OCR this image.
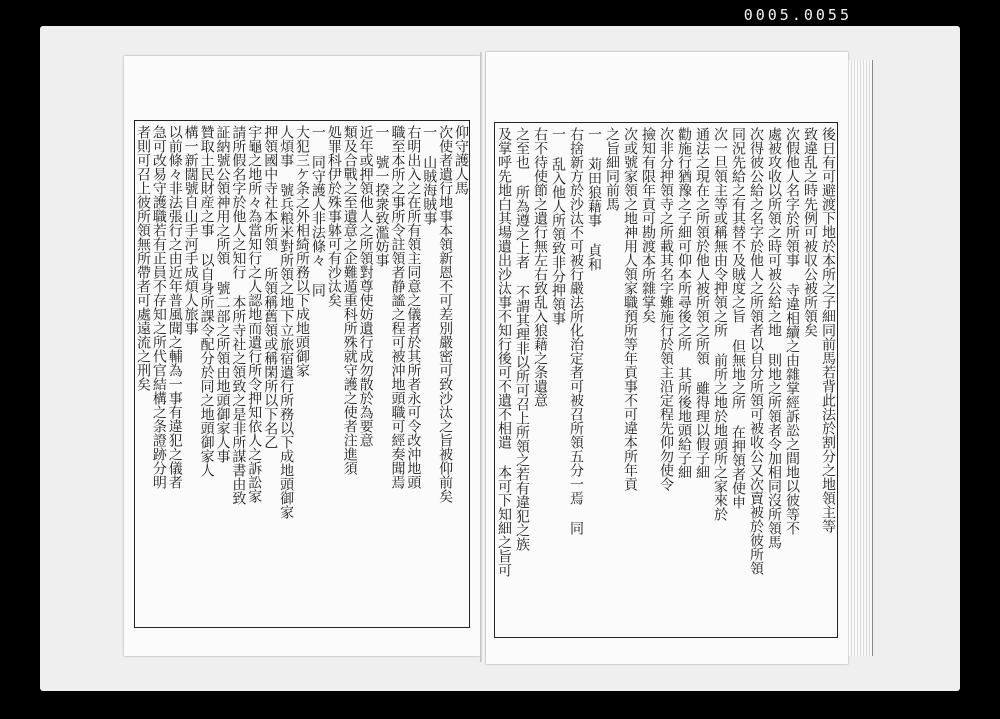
0005.0055
仰守護人馬
次使者遺行地事本領新恩不可差別嚴密可致沙汰之旨被仰前矣
一 山賊海賊事
右明出入之在所有領主同意之儀者於其所者永可令改沖地頭
職至本所之事所令註領者静謐之程可被沖地頭職可經奏聞焉
一 號一揆衆致濫妨事
近年或押領他人之所領對尊使妨遺行成勿散於為要意
類及合戰之至遺意之企難遁重科所殊就守護之使者注進須
処罪科伊於殊事躰可有沙汰矣
一 同守護人非法條々 同
大犯三ケ条之外相綺所務以下成地頭御家
人煩事 號兵粮米對所領之地下立旅宿遺行所務以下成地頭御家
押領國中寺社本所領 所領稱舊領或稱閑所以下名乙
宇龜之地所々為當知行之人認地而遺行所令押知依人之訴訟家
請所假名字於他人之知行 本所寺社之領致之是非所謀書由致
証納號公領神用之所領 號二部之所領由地頭御家人事
贊取土民財産之事 以自身所課令配分於同之地頭御家人
構一新闊號自山手河手成煩人旅事
以前條々非法張行之由近年普風聞之輔為一事有違犯之儀者
急可改易守護職若有正員不存知之所代官結構之条證跡分明
者則可召上彼所領無所帶者可處遠流之刑矣	後日有可避渡下地於本所之子細同前馬若背此法於割分之地領主等
致違乱之時先例可被収公被所領矣
次假他人名字於所領事 寺違相續之由雜掌經訴訟之間地以彼等不
處被攻收以所領之時可被公給之地 則地之所領者令加相同沒所領馬
次得彼公給之名字於他人之所領者以自分所領可被收公又次賣被於彼所領
同況先給之有其替不及賊度之旨 但無地之所 在押領者使申
次一旦領主等或稱無由令押領之所 前所之地於地頭所之家來於
通法之現在之所領於他人被所領之所領 雖得理以假子細
勸施行猶豫之子細可仰本所尋後之所 其所後地頭給子細
次非分押領寺之所載其名字難施行於領主沿定程先仰勿使令
撿知有限年貢可勘渡本所雜掌矣
次或號家領之地神用人領家職預所等年貢事不可違本所年貢
之旨細同前馬
一 苅田狼藉事 貞和
右捨新方於沙汰不可被行嚴法所化治定者可被召所領五分一焉 同
一 乱入他人所領致非分押領事
右不待使節之遺行無左右致乱入狼藉之条遺意
之至也 所為遵之上者 不謂其理非以所可召上所領之若有違犯之族
及掌呼先地白其場遺出沙汰事不知行後可不遺不相遣 本可下知細之旨可
